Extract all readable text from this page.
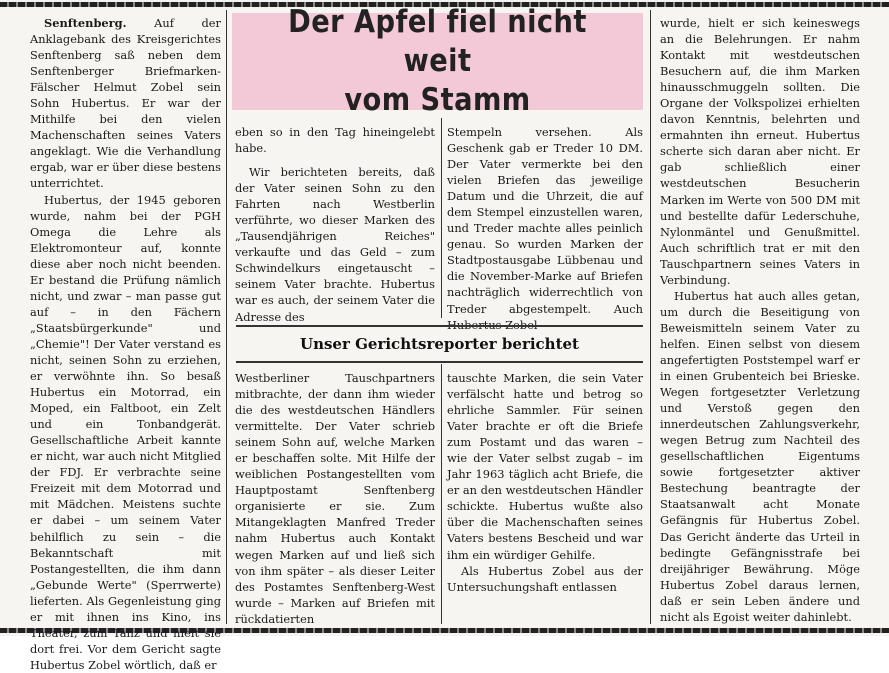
Der Apfel fiel nicht weit
vom Stamm

Senftenberg. Auf der Anklagebank des Kreisgerichtes Senftenberg saß neben dem Senftenberger Briefmarken-Fälscher Helmut Zobel sein Sohn Hubertus. Er war der Mithilfe bei den vielen Machenschaften seines Vaters angeklagt. Wie die Verhandlung ergab, war er über diese bestens unterrichtet.

Hubertus, der 1945 geboren wurde, nahm bei der PGH Omega die Lehre als Elektromonteur auf, konnte diese aber noch nicht beenden. Er bestand die Prüfung nämlich nicht, und zwar – man passe gut auf – in den Fächern „Staatsbürgerkunde" und „Chemie"! Der Vater verstand es nicht, seinen Sohn zu erziehen, er verwöhnte ihn. So besaß Hubertus ein Motorrad, ein Moped, ein Faltboot, ein Zelt und ein Tonbandgerät. Gesellschaftliche Arbeit kannte er nicht, war auch nicht Mitglied der FDJ. Er verbrachte seine Freizeit mit dem Motorrad und mit Mädchen. Meistens suchte er dabei – um seinem Vater behilflich zu sein – die Bekanntschaft mit Postangestellten, die ihm dann „Gebunde Werte" (Sperrwerte) lieferten. Als Gegenleistung ging er mit ihnen ins Kino, ins Theater, zum Tanz und hielt sie dort frei. Vor dem Gericht sagte Hubertus Zobel wörtlich, daß er

eben so in den Tag hineingelebt habe.

Wir berichteten bereits, daß der Vater seinen Sohn zu den Fahrten nach Westberlin verführte, wo dieser Marken des „Tausendjährigen Reiches" verkaufte und das Geld – zum Schwindelkurs eingetauscht – seinem Vater brachte. Hubertus war es auch, der seinem Vater die Adresse des

Stempeln versehen. Als Geschenk gab er Treder 10 DM. Der Vater vermerkte bei den vielen Briefen das jeweilige Datum und die Uhrzeit, die auf dem Stempel einzustellen waren, und Treder machte alles peinlich genau. So wurden Marken der Stadtpostausgabe Lübbenau und die November-Marke auf Briefen nachträglich widerrechtlich von Treder abgestempelt. Auch Hubertus Zobel

Unser Gerichtsreporter berichtet

Westberliner Tauschpartners mitbrachte, der dann ihm wieder die des westdeutschen Händlers vermittelte. Der Vater schrieb seinem Sohn auf, welche Marken er beschaffen solte. Mit Hilfe der weiblichen Postangestellten vom Hauptpostamt Senftenberg organisierte er sie. Zum Mitangeklagten Manfred Treder nahm Hubertus auch Kontakt wegen Marken auf und ließ sich von ihm später – als dieser Leiter des Postamtes Senftenberg-West wurde – Marken auf Briefen mit rückdatierten

tauschte Marken, die sein Vater verfälscht hatte und betrog so ehrliche Sammler. Für seinen Vater brachte er oft die Briefe zum Postamt und das waren – wie der Vater selbst zugab – im Jahr 1963 täglich acht Briefe, die er an den westdeutschen Händler schickte. Hubertus wußte also über die Machenschaften seines Vaters bestens Bescheid und war ihm ein würdiger Gehilfe.

Als Hubertus Zobel aus der Untersuchungshaft entlassen

wurde, hielt er sich keineswegs an die Belehrungen. Er nahm Kontakt mit westdeutschen Besuchern auf, die ihm Marken hinausschmuggeln sollten. Die Organe der Volkspolizei erhielten davon Kenntnis, belehrten und ermahnten ihn erneut. Hubertus scherte sich daran aber nicht. Er gab schließlich einer westdeutschen Besucherin Marken im Werte von 500 DM mit und bestellte dafür Lederschuhe, Nylonmäntel und Genußmittel. Auch schriftlich trat er mit den Tauschpartnern seines Vaters in Verbindung.

Hubertus hat auch alles getan, um durch die Beseitigung von Beweismitteln seinem Vater zu helfen. Einen selbst von diesem angefertigten Poststempel warf er in einen Grubenteich bei Brieske. Wegen fortgesetzter Verletzung und Verstoß gegen den innerdeutschen Zahlungsverkehr, wegen Betrug zum Nachteil des gesellschaftlichen Eigentums sowie fortgesetzter aktiver Bestechung beantragte der Staatsanwalt acht Monate Gefängnis für Hubertus Zobel. Das Gericht änderte das Urteil in bedingte Gefängnisstrafe bei dreijähriger Bewährung. Möge Hubertus Zobel daraus lernen, daß er sein Leben ändere und nicht als Egoist weiter dahinlebt.
